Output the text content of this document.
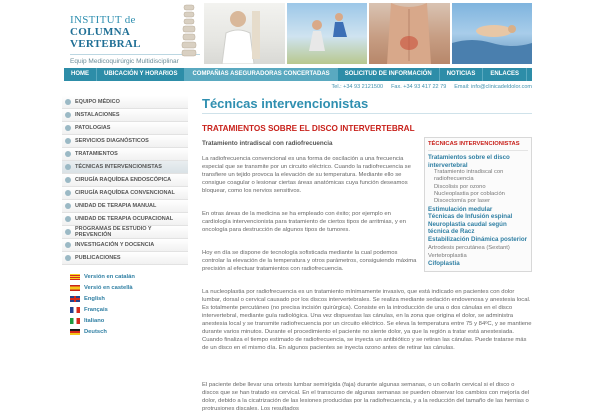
INSTITUT de
COLUMNA VERTEBRAL
Equip Medicoquirúrgic Multidisciplinar
HOME	UBICACIÓN Y HORARIOS	COMPAÑIAS ASEGURADORAS CONCERTADAS	SOLICITUD DE INFORMACIÓN	NOTICIAS	ENLACES
Tel.: +34 93 2121500 Fax. +34 93 417 22 79 Email: info@clinicadeldolor.com
EQUIPO MÉDICO
INSTALACIONES
PATOLOGIAS
SERVICIOS DIAGNÓSTICOS
TRATAMIENTOS
TÉCNICAS INTERVENCIONISTAS
CIRUGÍA RAQUÍDEA ENDOSCÓPICA
CIRUGÍA RAQUÍDEA CONVENCIONAL
UNIDAD DE TERAPIA MANUAL
UNIDAD DE TERAPIA OCUPACIONAL
PROGRAMAS DE ESTUDIO Y PREVENCIÓN
INVESTIGACIÓN Y DOCENCIA
PUBLICACIONES
Versión en catalán
Versió en castellà
English
Français
Italiano
Deutsch
Técnicas intervencionistas
TRATAMIENTOS SOBRE EL DISCO INTERVERTEBRAL
Tratamiento intradiscal con radiofrecuencia

La radiofrecuencia convencional es una forma de oscilación a una frecuencia especial que se transmite por un circuito eléctrico. Cuando la radiofrecuencia se transfiere un tejido provoca la elevación de su temperatura. Mediante ello se consigue coagular o lesionar ciertas áreas anatómicas cuya función deseamos bloquear, como los nervios sensitivos.

En otras áreas de la medicina se ha empleado con éxito; por ejemplo en cardiología intervencionista para tratamiento de ciertos tipos de arritmias, y en oncología para destrucción de algunos tipos de tumores.

Hoy en día se dispone de tecnología sofisticada mediante la cual podemos controlar la elevación de la temperatura y otros parámetros, consiguiendo máxima precisión al efectuar tratamientos con radiofrecuencia.

La nucleoplastia por radiofrecuencia es un tratamiento mínimamente invasivo, que está indicado en pacientes con dolor lumbar, dorsal o cervical causado por los discos intervertebrales. Se realiza mediante sedación endovenosa y anestesia local. Es totalmente percutáneo (no precisa incisión quirúrgica). Consiste en la introducción de una o dos cánulas en el disco intervertebral, mediante guía radiológica. Una vez dispuestas las cánulas, en la zona que origina el dolor, se administra anestesia local y se transmite radiofrecuencia por un circuito eléctrico. Se eleva la temperatura entre 75 y 84ºC, y se mantiene durante varios minutos. Durante el procedimiento el paciente no siente dolor, ya que la región a tratar está anestesiada. Cuando finaliza el tiempo estimado de radiofrecuencia, se inyecta un antibiótico y se retiran las cánulas. Puede tratarse más de un disco en el mismo día. En algunos pacientes se inyecta ozono antes de retirar las cánulas.

El paciente debe llevar una ortesis lumbar semirígida (faja) durante algunas semanas, o un collarín cervical si el disco o discos que se han tratado es cervical. En el transcurso de algunas semanas se pueden observar los cambios con mejoría del dolor, debido a la cicatrización de las lesiones producidas por la radiofrecuencia, y a la reducción del tamaño de las hernias o protrusiones discales. Los resultados

TÉCNICAS INTERVENCIONISTAS
Tratamientos sobre el disco intervertebral
Tratamiento intradiscal con radiofrecuencia
Discolisis por ozono
Nucleoplastia por coblación
Discectomía por laser
Estimulación medular
Técnicas de Infusión espinal
Neuroplastia caudal según técnica de Racz
Estabilización Dinámica posterior
Artrodesis percutánea (Sextant)
Vertebroplastia
Cifoplastia
